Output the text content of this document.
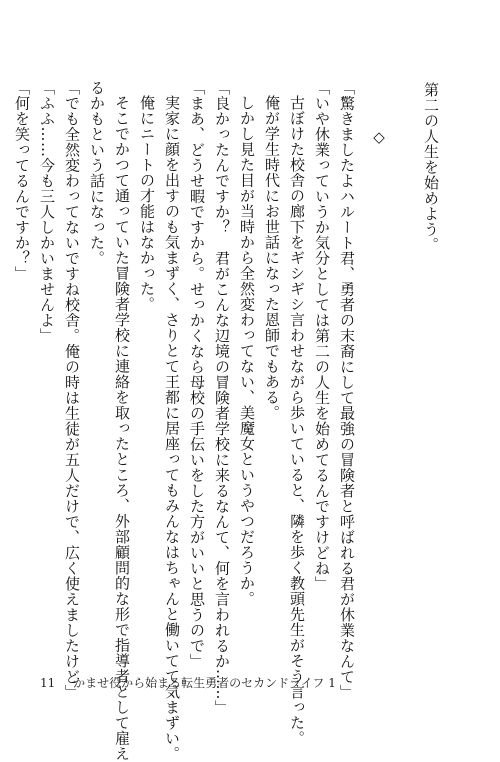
第二の人生を始めよう。
◇
「驚きましたよハルート君、勇者の末裔にして最強の冒険者と呼ばれる君が休業なんて」
「いや休業っていうか気分としては第二の人生を始めてるんですけどね」
古ぼけた校舎の廊下をギシギシ言わせながら歩いていると、隣を歩く教頭先生がそう言った。
俺が学生時代にお世話になった恩師でもある。
しかし見た目が当時から全然変わってない、美魔女というやつだろうか。
「良かったんですか？　君がこんな辺境の冒険者学校に来るなんて、何を言われるか……」
「まあ、どうせ暇ですから。せっかくなら母校の手伝いをした方がいいと思うので」
実家に顔を出すのも気まずく、さりとて王都に居座ってもみんなはちゃんと働いてて気まずい。
俺にニートの才能はなかった。
そこでかつて通っていた冒険者学校に連絡を取ったところ、外部顧問的な形で指導者として雇え
るかもという話になった。
「でも全然変わってないですね校舎。俺の時は生徒が五人だけで、広く使えましたけど」
「ふふ……今も三人しかいませんよ」
「何を笑ってるんですか？」
11 かませ役から始まる転生勇者のセカンドライフ 1
